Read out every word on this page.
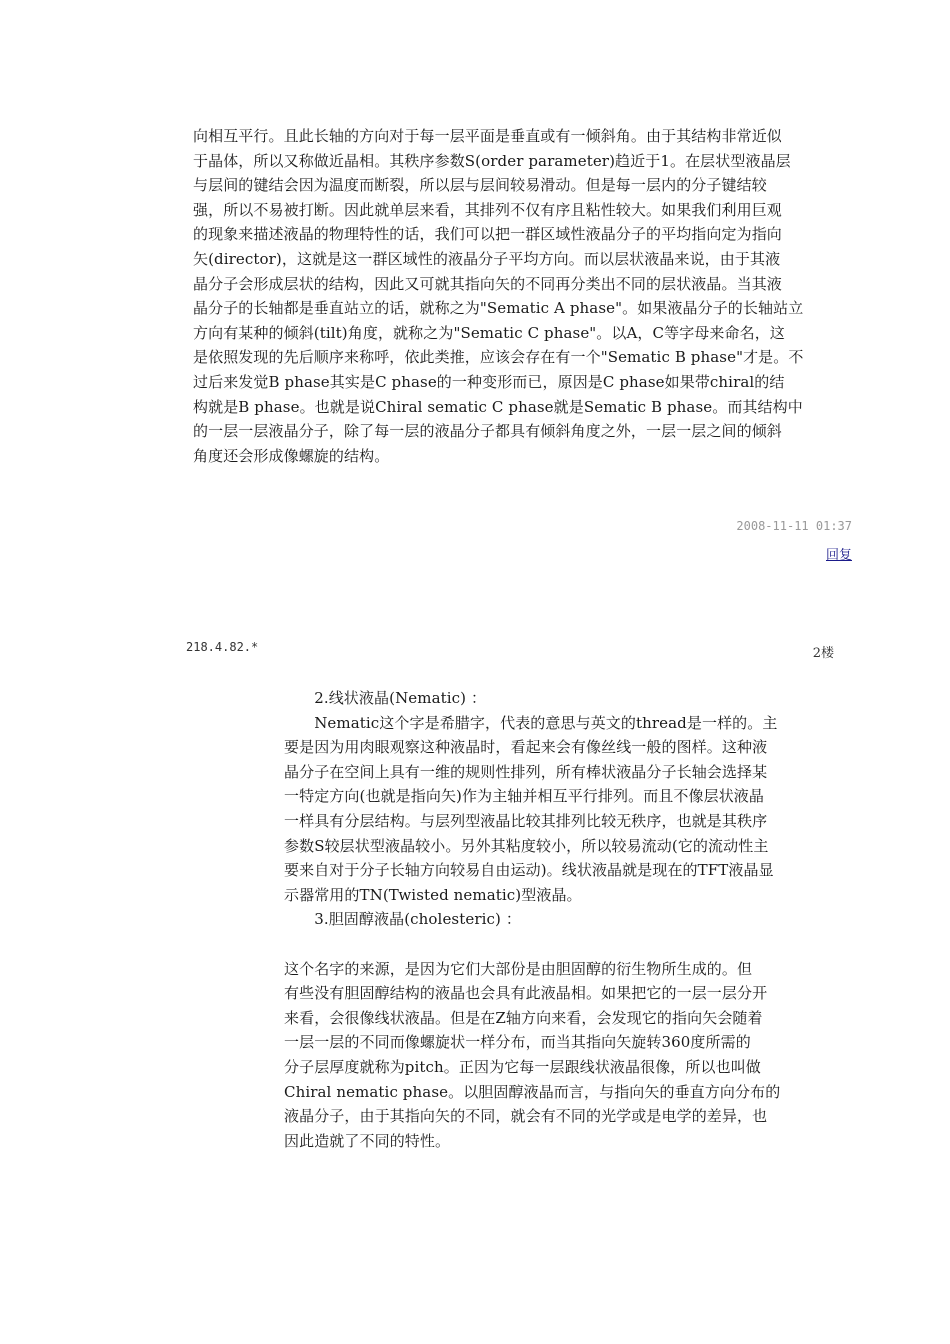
向相互平行。且此长轴的方向对于每一层平面是垂直或有一倾斜角。由于其结构非常近似
于晶体，所以又称做近晶相。其秩序参数S(order parameter)趋近于1。在层状型液晶层
与层间的键结会因为温度而断裂，所以层与层间较易滑动。但是每一层内的分子键结较
强，所以不易被打断。因此就单层来看，其排列不仅有序且粘性较大。如果我们利用巨观
的现象来描述液晶的物理特性的话，我们可以把一群区域性液晶分子的平均指向定为指向
矢(director)，这就是这一群区域性的液晶分子平均方向。而以层状液晶来说，由于其液
晶分子会形成层状的结构，因此又可就其指向矢的不同再分类出不同的层状液晶。当其液
晶分子的长轴都是垂直站立的话，就称之为"Sematic A phase"。如果液晶分子的长轴站立
方向有某种的倾斜(tilt)角度，就称之为"Sematic C phase"。以A，C等字母来命名，这
是依照发现的先后顺序来称呼，依此类推，应该会存在有一个"Sematic B phase"才是。不
过后来发觉B phase其实是C phase的一种变形而已，原因是C phase如果带chiral的结
构就是B phase。也就是说Chiral sematic C phase就是Sematic B phase。而其结构中
的一层一层液晶分子，除了每一层的液晶分子都具有倾斜角度之外，一层一层之间的倾斜
角度还会形成像螺旋的结构。
2008-11-11 01:37
回复
218.4.82.*	2楼
　　2.线状液晶(Nematic) ：
　　Nematic这个字是希腊字，代表的意思与英文的thread是一样的。主
要是因为用肉眼观察这种液晶时，看起来会有像丝线一般的图样。这种液
晶分子在空间上具有一维的规则性排列，所有棒状液晶分子长轴会选择某
一特定方向(也就是指向矢)作为主轴并相互平行排列。而且不像层状液晶
一样具有分层结构。与层列型液晶比较其排列比较无秩序，也就是其秩序
参数S较层状型液晶较小。另外其粘度较小，所以较易流动(它的流动性主
要来自对于分子长轴方向较易自由运动)。线状液晶就是现在的TFT液晶显
示器常用的TN(Twisted nematic)型液晶。
　　3.胆固醇液晶(cholesteric) ：
这个名字的来源，是因为它们大部份是由胆固醇的衍生物所生成的。但
有些没有胆固醇结构的液晶也会具有此液晶相。如果把它的一层一层分开
来看，会很像线状液晶。但是在Z轴方向来看，会发现它的指向矢会随着
一层一层的不同而像螺旋状一样分布，而当其指向矢旋转360度所需的
分子层厚度就称为pitch。正因为它每一层跟线状液晶很像，所以也叫做
Chiral nematic phase。以胆固醇液晶而言，与指向矢的垂直方向分布的
液晶分子，由于其指向矢的不同，就会有不同的光学或是电学的差异，也
因此造就了不同的特性。
